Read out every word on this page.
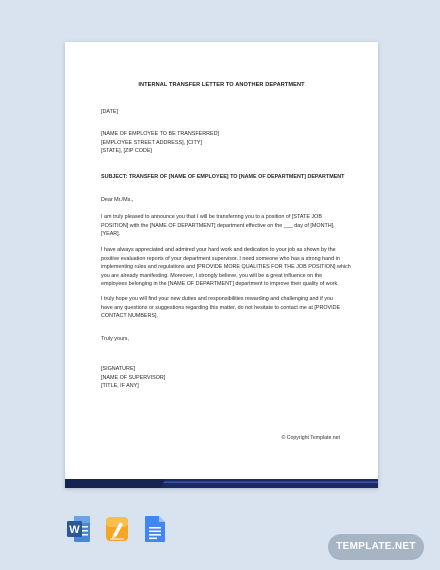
INTERNAL TRANSFER LETTER TO ANOTHER DEPARTMENT
[DATE]
[NAME OF EMPLOYEE TO BE TRANSFERRED]
[EMPLOYEE STREET ADDRESS], [CITY]
[STATE], [ZIP CODE]
SUBJECT: TRANSFER OF [NAME OF EMPLOYEE] TO [NAME OF DEPARTMENT] DEPARTMENT
Dear Mr./Ms.,
I am truly pleased to announce you that I will be transferring you to a position of [STATE JOB
POSITION] with the [NAME OF DEPARTMENT] department effective on the ___ day of [MONTH],
[YEAR].
I have always appreciated and admired your hard work and dedication to your job as shown by the
positive evaluation reports of your department supervisor. I need someone who has a strong hand in
implementing rules and regulations and [PROVIDE MORE QUALITIES FOR THE JOB POSITION] which
you are already manifesting. Moreover, I strongly believe, you will be a great influence on the
employees belonging in the [NAME OF DEPARTMENT] department to improve their quality of work.
I truly hope you will find your new duties and responsibilities rewarding and challenging and if you
have any questions or suggestions regarding this matter, do not hesitate to contact me at [PROVIDE
CONTACT NUMBERS].
Truly yours,
[SIGNATURE]
[NAME OF SUPERVISOR]
[TITLE, IF ANY]
© Copyright Template.net
W
TEMPLATE.NET
